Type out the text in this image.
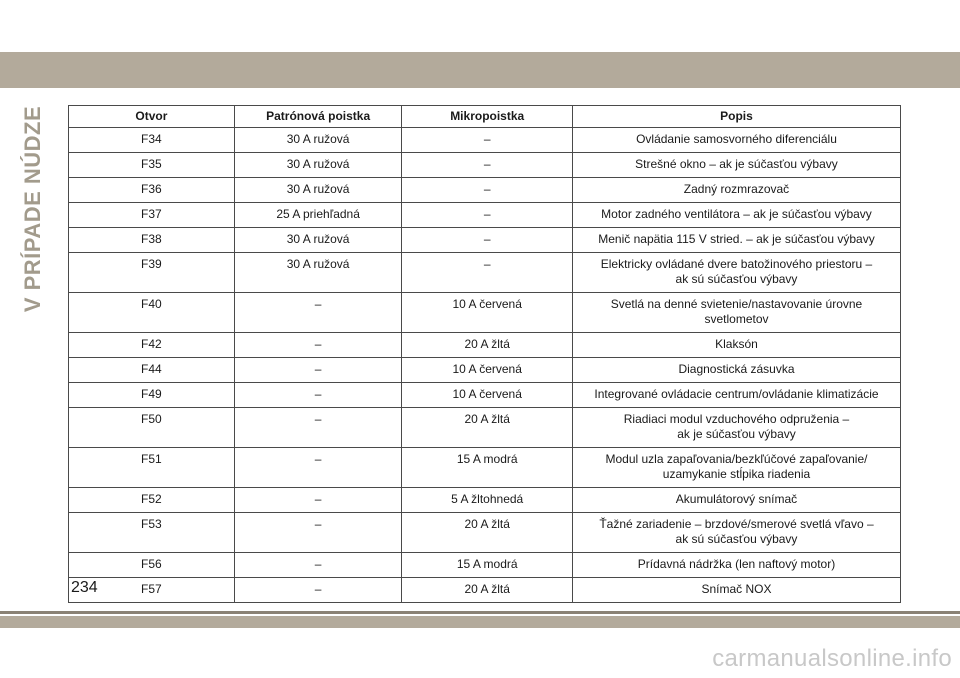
V PRÍPADE NÚDZE	Otvor	Patrónová poistka	Mikropoistka	Popis
F34	30 A ružová	–	Ovládanie samosvorného diferenciálu
F35	30 A ružová	–	Strešné okno – ak je súčasťou výbavy
F36	30 A ružová	–	Zadný rozmrazovač
F37	25 A priehľadná	–	Motor zadného ventilátora – ak je súčasťou výbavy
F38	30 A ružová	–	Menič napätia 115 V stried. – ak je súčasťou výbavy
F39	30 A ružová	–	Elektricky ovládané dvere batožinového priestoru –
ak sú súčasťou výbavy
F40	–	10 A červená	Svetlá na denné svietenie/nastavovanie úrovne
svetlometov
F42	–	20 A žltá	Klaksón
F44	–	10 A červená	Diagnostická zásuvka
F49	–	10 A červená	Integrované ovládacie centrum/ovládanie klimatizácie
F50	–	20 A žltá	Riadiaci modul vzduchového odpruženia –
ak je súčasťou výbavy
F51	–	15 A modrá	Modul uzla zapaľovania/bezkľúčové zapaľovanie/
uzamykanie stĺpika riadenia
F52	–	5 A žltohnedá	Akumulátorový snímač
F53	–	20 A žltá	Ťažné zariadenie – brzdové/smerové svetlá vľavo –
ak sú súčasťou výbavy
F56	–	15 A modrá	Prídavná nádržka (len naftový motor)
F57	–	20 A žltá	Snímač NOX
234
carmanualsonline.info
